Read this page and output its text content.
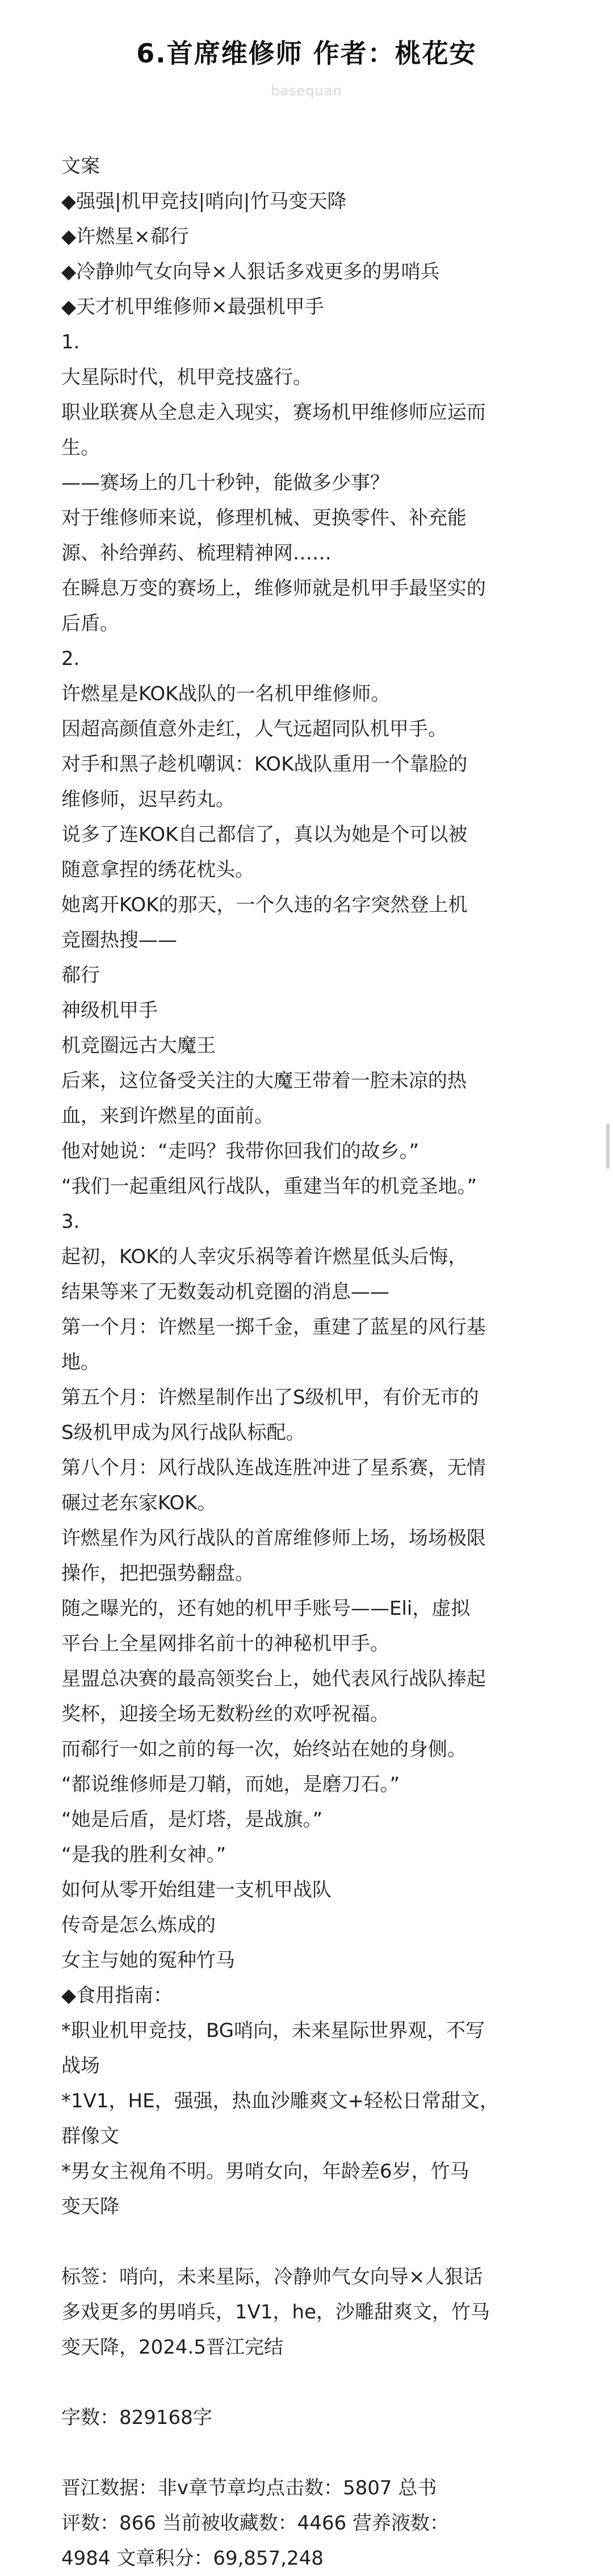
6.首席维修师 作者：桃花安
basequan
文案
◆强强|机甲竞技|哨向|竹马变天降
◆许燃星×郗行
◆冷静帅气女向导×人狠话多戏更多的男哨兵
◆天才机甲维修师×最强机甲手
1.
大星际时代，机甲竞技盛行。
职业联赛从全息走入现实，赛场机甲维修师应运而
生。
——赛场上的几十秒钟，能做多少事？
对于维修师来说，修理机械、更换零件、补充能
源、补给弹药、梳理精神网……
在瞬息万变的赛场上，维修师就是机甲手最坚实的
后盾。
2.
许燃星是KOK战队的一名机甲维修师。
因超高颜值意外走红，人气远超同队机甲手。
对手和黑子趁机嘲讽：KOK战队重用一个靠脸的
维修师，迟早药丸。
说多了连KOK自己都信了，真以为她是个可以被
随意拿捏的绣花枕头。
她离开KOK的那天，一个久违的名字突然登上机
竞圈热搜——
郗行
神级机甲手
机竞圈远古大魔王
后来，这位备受关注的大魔王带着一腔未凉的热
血，来到许燃星的面前。
他对她说：“走吗？我带你回我们的故乡。”
“我们一起重组风行战队，重建当年的机竞圣地。”
3.
起初，KOK的人幸灾乐祸等着许燃星低头后悔，
结果等来了无数轰动机竞圈的消息——
第一个月：许燃星一掷千金，重建了蓝星的风行基
地。
第五个月：许燃星制作出了S级机甲，有价无市的
S级机甲成为风行战队标配。
第八个月：风行战队连战连胜冲进了星系赛，无情
碾过老东家KOK。
许燃星作为风行战队的首席维修师上场，场场极限
操作，把把强势翻盘。
随之曝光的，还有她的机甲手账号——Eli，虚拟
平台上全星网排名前十的神秘机甲手。
星盟总决赛的最高领奖台上，她代表风行战队捧起
奖杯，迎接全场无数粉丝的欢呼祝福。
而郗行一如之前的每一次，始终站在她的身侧。
“都说维修师是刀鞘，而她，是磨刀石。”
“她是后盾，是灯塔，是战旗。”
“是我的胜利女神。”
如何从零开始组建一支机甲战队
传奇是怎么炼成的
女主与她的冤种竹马
◆食用指南：
*职业机甲竞技，BG哨向，未来星际世界观，不写
战场
*1V1，HE，强强，热血沙雕爽文+轻松日常甜文，
群像文
*男女主视角不明。男哨女向，年龄差6岁，竹马
变天降
标签：哨向，未来星际，冷静帅气女向导×人狠话
多戏更多的男哨兵，1V1，he，沙雕甜爽文，竹马
变天降，2024.5晋江完结
字数：829168字
晋江数据：非v章节章均点击数：5807 总书
评数：866 当前被收藏数：4466 营养液数：
4984 文章积分：69,857,248
